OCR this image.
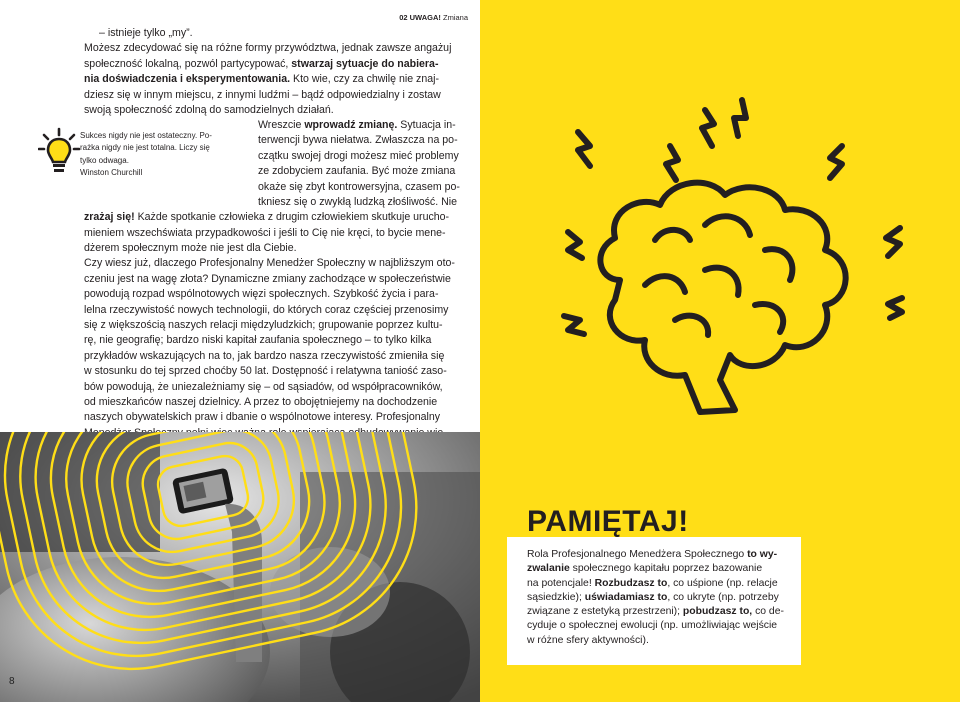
02 UWAGA! Zmiana
– istnieje tylko „my”.
Możesz zdecydować się na różne formy przywództwa, jednak zawsze angażuj
społeczność lokalną, pozwól partycypować, stwarzaj sytuacje do nabiera-
nia doświadczenia i eksperymentowania. Kto wie, czy za chwilę nie znaj-
dziesz się w innym miejscu, z innymi ludźmi – bądź odpowiedzialny i zostaw
swoją społeczność zdolną do samodzielnych działań.
Wreszcie wprowadź zmianę. Sytuacja in-
terwencji bywa niełatwa. Zwłaszcza na po-
czątku swojej drogi możesz mieć problemy
ze zdobyciem zaufania. Być może zmiana
okaże się zbyt kontrowersyjna, czasem po-
tkniesz się o zwykłą ludzką złośliwość. Nie
zrażaj się! Każde spotkanie człowieka z drugim człowiekiem skutkuje urucho-
mieniem wszechświata przypadkowości i jeśli to Cię nie kręci, to bycie mene-
dżerem społecznym może nie jest dla Ciebie.
Sukces nigdy nie jest ostateczny. Po-
rażka nigdy nie jest totalna. Liczy się
tylko odwaga.
Winston Churchill
Czy wiesz już, dlaczego Profesjonalny Menedżer Społeczny w najbliższym oto-
czeniu jest na wagę złota? Dynamiczne zmiany zachodzące w społeczeństwie
powodują rozpad wspólnotowych więzi społecznych. Szybkość życia i para-
lelna rzeczywistość nowych technologii, do których coraz częściej przenosimy
się z większością naszych relacji międzyludzkich; grupowanie poprzez kultu-
rę, nie geografię; bardzo niski kapitał zaufania społecznego – to tylko kilka
przykładów wskazujących na to, jak bardzo nasza rzeczywistość zmieniła się
w stosunku do tej sprzed choćby 50 lat. Dostępność i relatywna taniość zaso-
bów powodują, że uniezależniamy się – od sąsiadów, od współpracowników,
od mieszkańców naszej dzielnicy. A przez to obojętniejemy na dochodzenie
naszych obywatelskich praw i dbanie o wspólnotowe interesy. Profesjonalny
8
PAMIĘTAJ!
Rola Profesjonalnego Menedżera Społecznego to wy-
zwalanie społecznego kapitału poprzez bazowanie
na potencjale! Rozbudzasz to, co uśpione (np. relacje
sąsiedzkie); uświadamiasz to, co ukryte (np. potrzeby
związane z estetyką przestrzeni); pobudzasz to, co de-
cyduje o społecznej ewolucji (np. umożliwiając wejście
w różne sfery aktywności).
